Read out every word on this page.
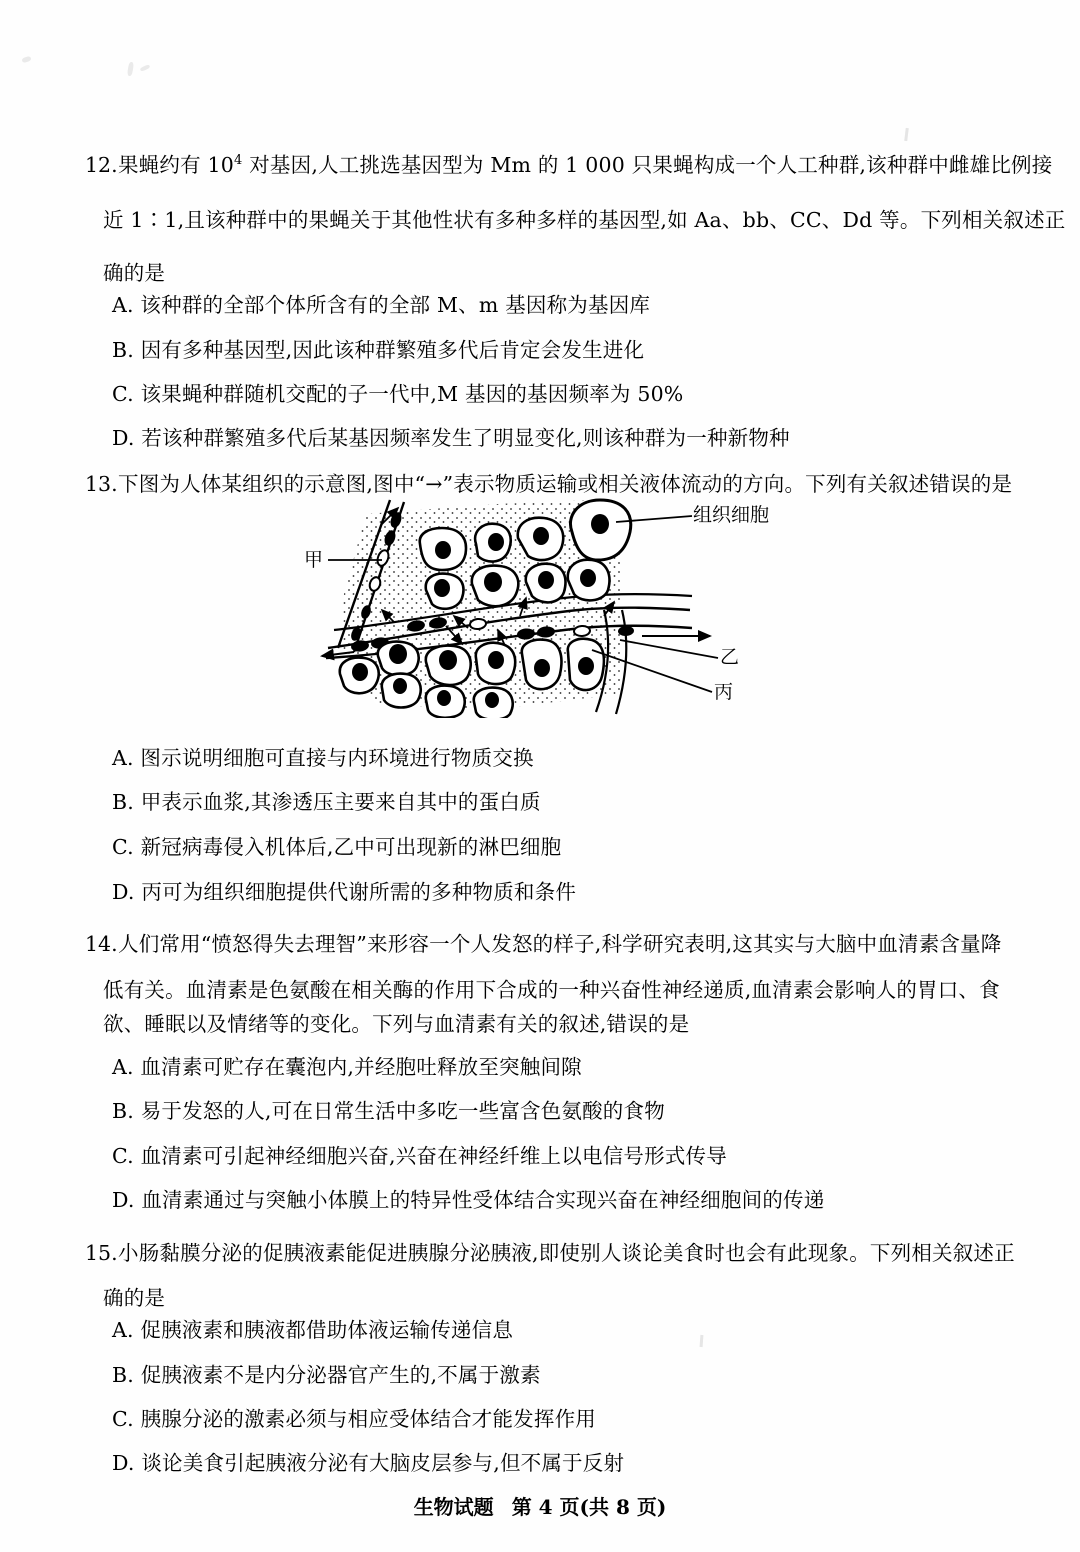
12. 果蝇约有 $10^4$ 对基因,人工挑选基因型为 Mm 的 1 000 只果蝇构成一个人工种群,该种群中雌雄比例接
近 1∶1,且该种群中的果蝇关于其他性状有多种多样的基因型,如 Aa、bb、CC、Dd 等。下列相关叙述正
确的是
A. 该种群的全部个体所含有的全部 M、m 基因称为基因库
B. 因有多种基因型,因此该种群繁殖多代后肯定会发生进化
C. 该果蝇种群随机交配的子一代中,M 基因的基因频率为 50%
D. 若该种群繁殖多代后某基因频率发生了明显变化,则该种群为一种新物种
13. 下图为人体某组织的示意图,图中“→”表示物质运输或相关液体流动的方向。下列有关叙述错误的是
甲
组织细胞
乙
丙
A. 图示说明细胞可直接与内环境进行物质交换
B. 甲表示血浆,其渗透压主要来自其中的蛋白质
C. 新冠病毒侵入机体后,乙中可出现新的淋巴细胞
D. 丙可为组织细胞提供代谢所需的多种物质和条件
14. 人们常用“愤怒得失去理智”来形容一个人发怒的样子,科学研究表明,这其实与大脑中血清素含量降
低有关。血清素是色氨酸在相关酶的作用下合成的一种兴奋性神经递质,血清素会影响人的胃口、食
欲、睡眠以及情绪等的变化。下列与血清素有关的叙述,错误的是
A. 血清素可贮存在囊泡内,并经胞吐释放至突触间隙
B. 易于发怒的人,可在日常生活中多吃一些富含色氨酸的食物
C. 血清素可引起神经细胞兴奋,兴奋在神经纤维上以电信号形式传导
D. 血清素通过与突触小体膜上的特异性受体结合实现兴奋在神经细胞间的传递
15. 小肠黏膜分泌的促胰液素能促进胰腺分泌胰液,即使别人谈论美食时也会有此现象。下列相关叙述正
确的是
A. 促胰液素和胰液都借助体液运输传递信息
B. 促胰液素不是内分泌器官产生的,不属于激素
C. 胰腺分泌的激素必须与相应受体结合才能发挥作用
D. 谈论美食引起胰液分泌有大脑皮层参与,但不属于反射
生物试题 第 4 页(共 8 页)
